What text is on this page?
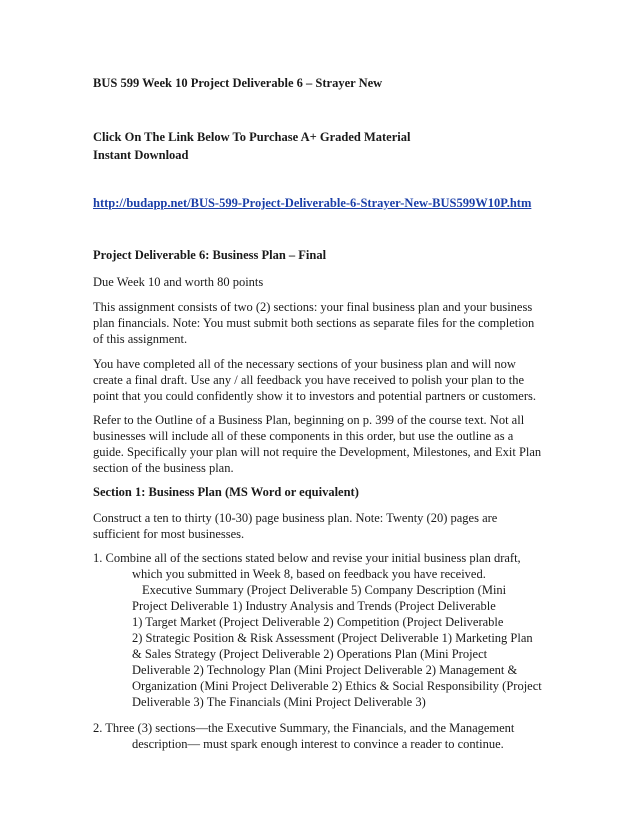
BUS 599 Week 10 Project Deliverable 6 – Strayer New
Click On The Link Below To Purchase A+ Graded Material
Instant Download
http://budapp.net/BUS-599-Project-Deliverable-6-Strayer-New-BUS599W10P.htm
Project Deliverable 6: Business Plan – Final
Due Week 10 and worth 80 points
This assignment consists of two (2) sections: your final business plan and your business
plan financials. Note: You must submit both sections as separate files for the completion
of this assignment.
You have completed all of the necessary sections of your business plan and will now
create a final draft. Use any / all feedback you have received to polish your plan to the
point that you could confidently show it to investors and potential partners or customers.
Refer to the Outline of a Business Plan, beginning on p. 399 of the course text. Not all
businesses will include all of these components in this order, but use the outline as a
guide. Specifically your plan will not require the Development, Milestones, and Exit Plan
section of the business plan.
Section 1: Business Plan (MS Word or equivalent)
Construct a ten to thirty (10-30) page business plan. Note: Twenty (20) pages are
sufficient for most businesses.
1. Combine all of the sections stated below and revise your initial business plan draft,
which you submitted in Week 8, based on feedback you have received.
Executive Summary (Project Deliverable 5) Company Description (Mini
Project Deliverable 1) Industry Analysis and Trends (Project Deliverable
1) Target Market (Project Deliverable 2) Competition (Project Deliverable
2) Strategic Position & Risk Assessment (Project Deliverable 1) Marketing Plan
& Sales Strategy (Project Deliverable 2) Operations Plan (Mini Project
Deliverable 2) Technology Plan (Mini Project Deliverable 2) Management &
Organization (Mini Project Deliverable 2) Ethics & Social Responsibility (Project
Deliverable 3) The Financials (Mini Project Deliverable 3)
2. Three (3) sections—the Executive Summary, the Financials, and the Management
description— must spark enough interest to convince a reader to continue.
